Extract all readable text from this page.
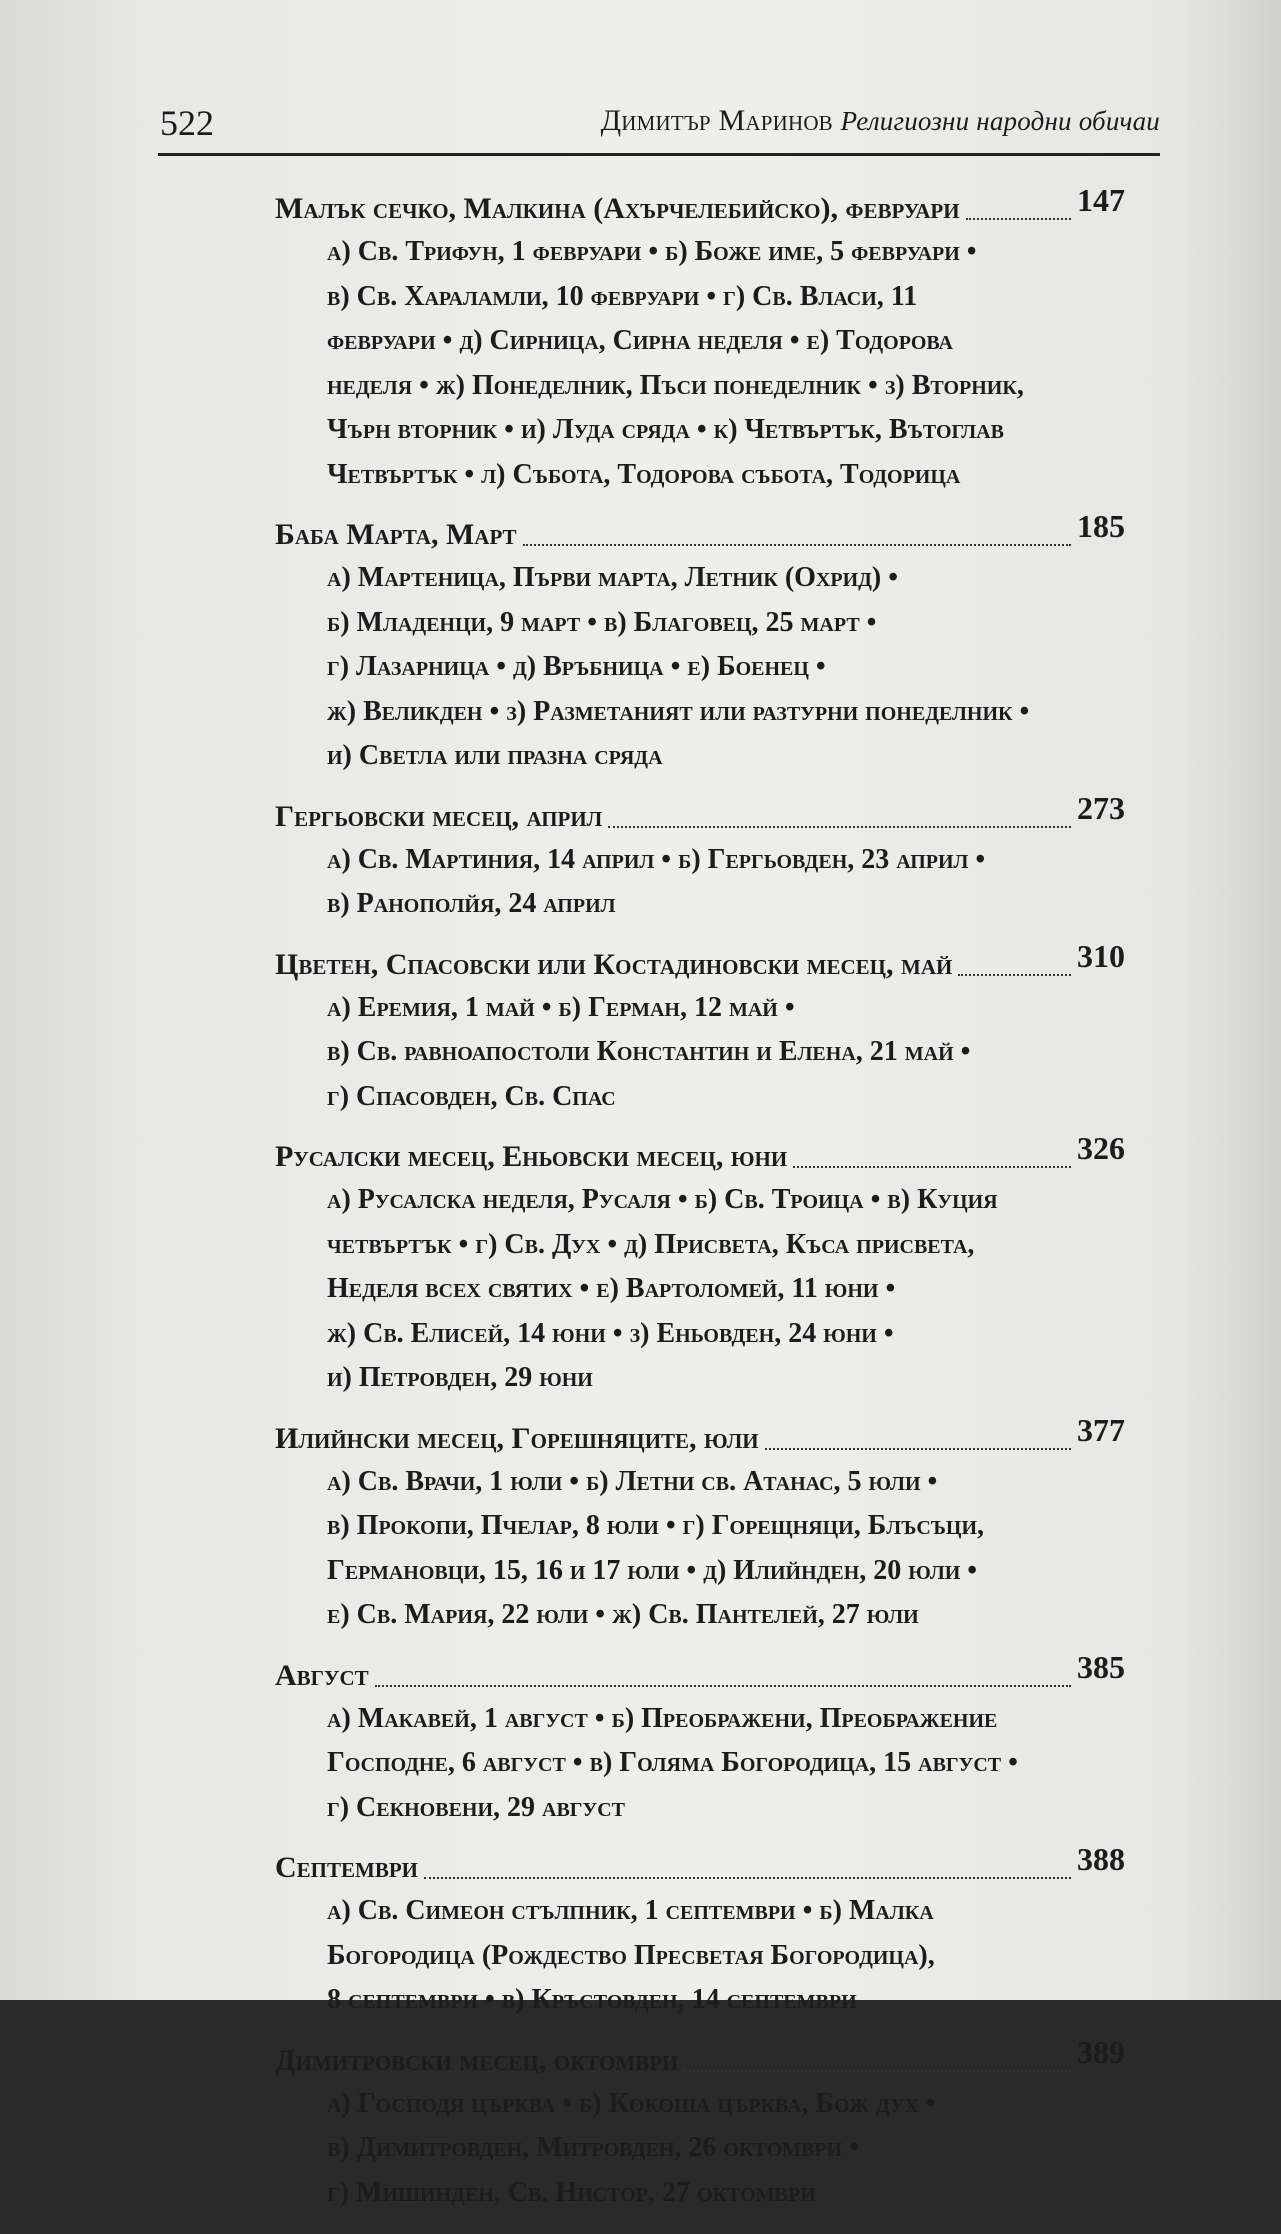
522	Димитър Маринов Религиозни народни обичаи
Малък сечко, Малкина (Ахърчелебийско), февруари	147
а) Св. Трифун, 1 февруари • б) Боже име, 5 февруари •
в) Св. Хараламли, 10 февруари • г) Св. Власи, 11
февруари • д) Сирница, Сирна неделя • е) Тодорова
неделя • ж) Понеделник, Пъси понеделник • з) Вторник,
Чърн вторник • и) Луда сряда • к) Четвъртък, Вътоглав
Четвъртък • л) Събота, Тодорова събота, Тодорица
Баба Марта, Март	185
а) Мартеница, Първи марта, Летник (Охрид) •
б) Младенци, 9 март • в) Благовец, 25 март •
г) Лазарница • д) Връбница • е) Боенец •
ж) Великден • з) Разметаният или разтурни понеделник •
и) Светла или празна сряда
Гергьовски месец, април	273
а) Св. Мартиния, 14 април • б) Гергьовден, 23 април •
в) Ранополйя, 24 април
Цветен, Спасовски или Костадиновски месец, май	310
а) Еремия, 1 май • б) Герман, 12 май •
в) Св. равноапостоли Константин и Елена, 21 май •
г) Спасовден, Св. Спас
Русалски месец, Еньовски месец, юни	326
а) Русалска неделя, Русаля • б) Св. Троица • в) Куция
четвъртък • г) Св. Дух • д) Присвета, Къса присвета,
Неделя всех святих • е) Вартоломей, 11 юни •
ж) Св. Елисей, 14 юни • з) Еньовден, 24 юни •
и) Петровден, 29 юни
Илийнски месец, Горешняците, юли	377
а) Св. Врачи, 1 юли • б) Летни св. Атанас, 5 юли •
в) Прокопи, Пчелар, 8 юли • г) Горещняци, Блъсъци,
Германовци, 15, 16 и 17 юли • д) Илийнден, 20 юли •
е) Св. Мария, 22 юли • ж) Св. Пантелей, 27 юли
Август	385
а) Макавей, 1 август • б) Преображени, Преображение
Господне, 6 август • в) Голяма Богородица, 15 август •
г) Секновени, 29 август
Септември	388
а) Св. Симеон стълпник, 1 септември • б) Малка
Богородица (Рождество Пресветая Богородица),
8 септември • в) Кръстовден, 14 септември
Димитровски месец, октомври	389
а) Господя църква • б) Кокоша църква, Бож дух •
в) Димитровден, Митровден, 26 октомври •
г) Мишинден, Св. Нистор, 27 октомври
